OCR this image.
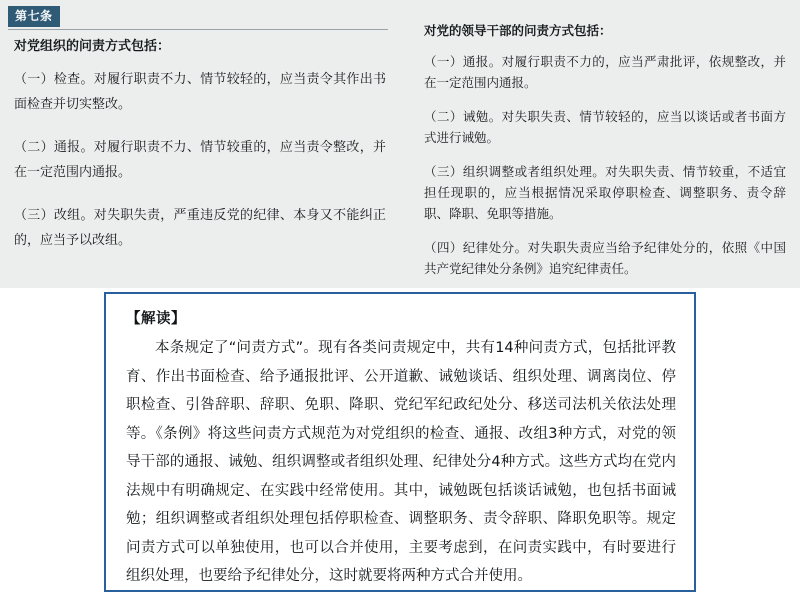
第七条
对党组织的问责方式包括：

（一）检查。对履行职责不力、情节较轻的，应当责令其作出书面检查并切实整改。

（二）通报。对履行职责不力、情节较重的，应当责令整改，并在一定范围内通报。

（三）改组。对失职失责，严重违反党的纪律、本身又不能纠正的，应当予以改组。

对党的领导干部的问责方式包括：

（一）通报。对履行职责不力的，应当严肃批评，依规整改，并在一定范围内通报。

（二）诫勉。对失职失责、情节较轻的，应当以谈话或者书面方式进行诫勉。

（三）组织调整或者组织处理。对失职失责、情节较重，不适宜担任现职的，应当根据情况采取停职检查、调整职务、责令辞职、降职、免职等措施。

（四）纪律处分。对失职失责应当给予纪律处分的，依照《中国共产党纪律处分条例》追究纪律责任。

【解读】

本条规定了“问责方式”。现有各类问责规定中，共有14种问责方式，包括批评教育、作出书面检查、给予通报批评、公开道歉、诫勉谈话、组织处理、调离岗位、停职检查、引咎辞职、辞职、免职、降职、党纪军纪政纪处分、移送司法机关依法处理等。《条例》将这些问责方式规范为对党组织的检查、通报、改组3种方式，对党的领导干部的通报、诫勉、组织调整或者组织处理、纪律处分4种方式。这些方式均在党内法规中有明确规定、在实践中经常使用。其中，诫勉既包括谈话诫勉，也包括书面诫勉；组织调整或者组织处理包括停职检查、调整职务、责令辞职、降职免职等。规定问责方式可以单独使用，也可以合并使用，主要考虑到，在问责实践中，有时要进行组织处理，也要给予纪律处分，这时就要将两种方式合并使用。
